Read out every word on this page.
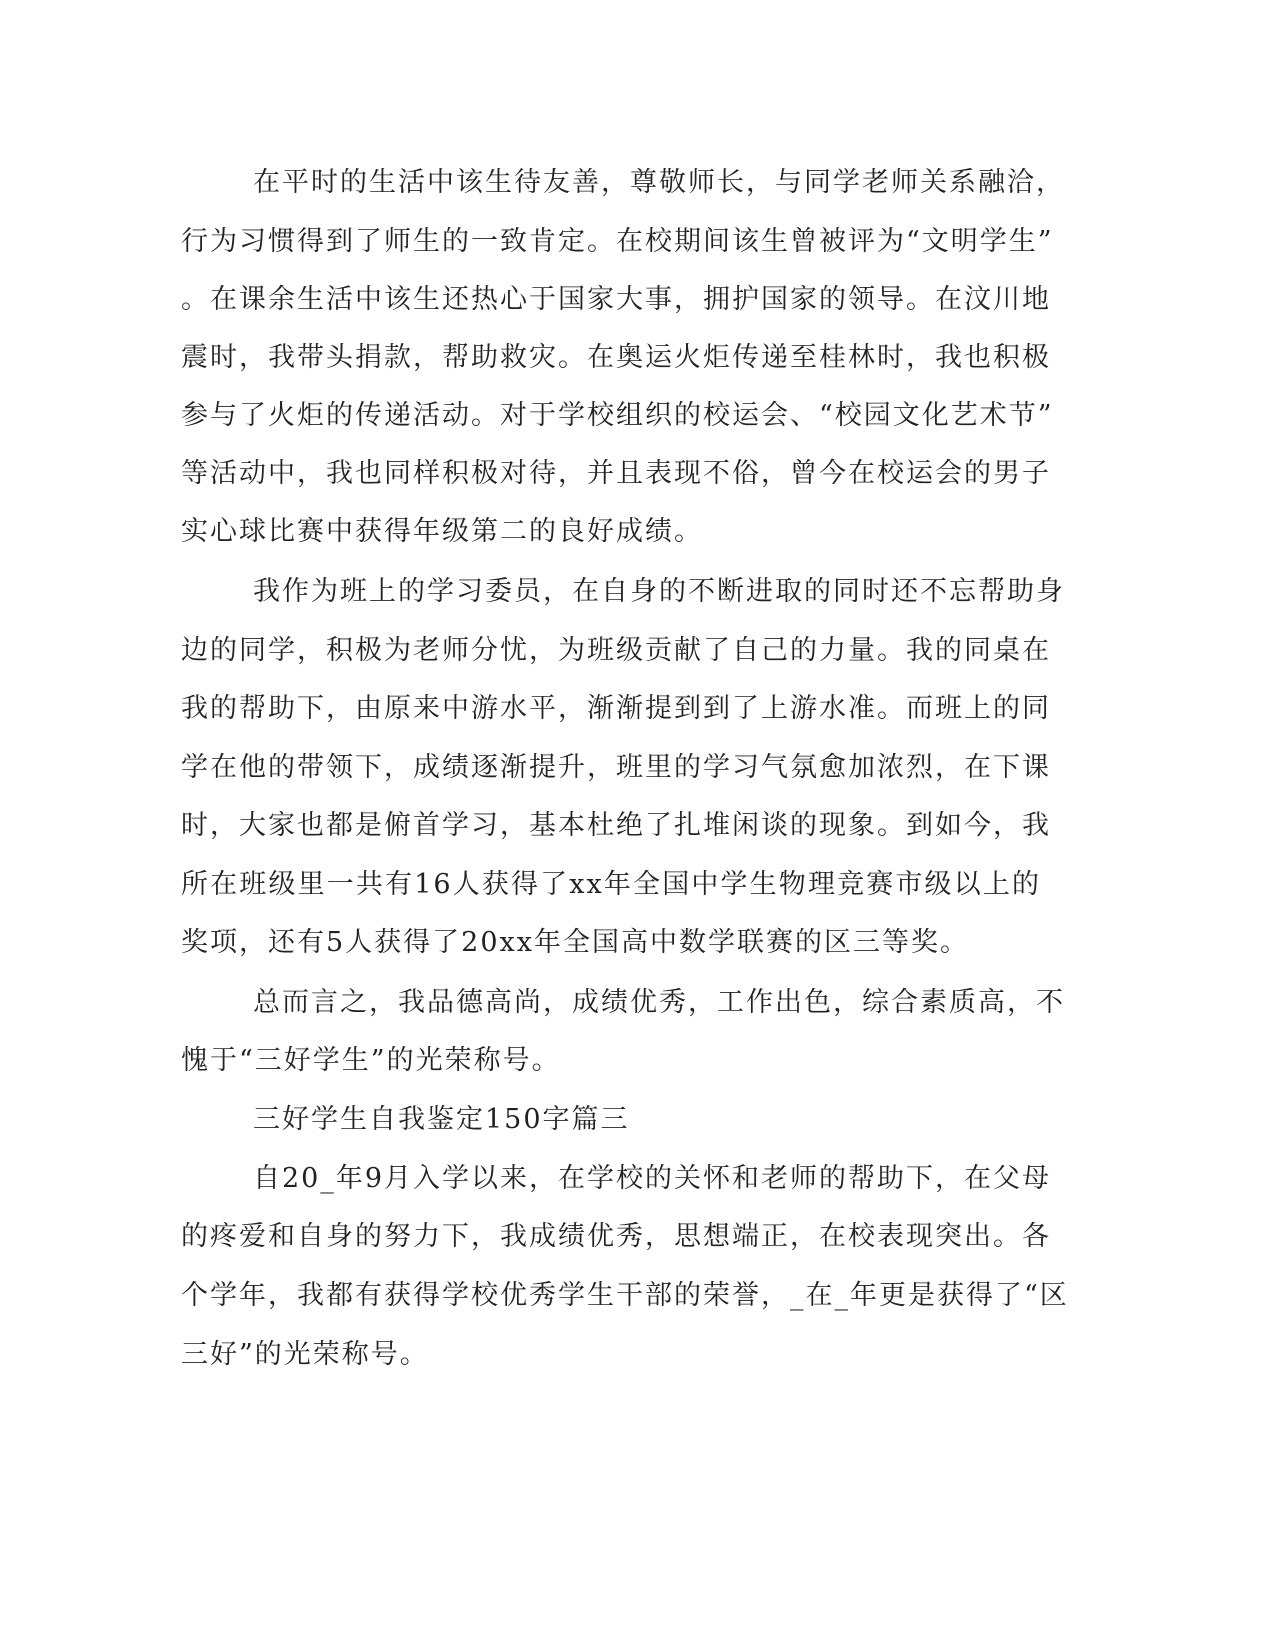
在平时的生活中该生待友善，尊敬师长，与同学老师关系融洽，
行为习惯得到了师生的一致肯定。在校期间该生曾被评为“文明学生”
。在课余生活中该生还热心于国家大事，拥护国家的领导。在汶川地
震时，我带头捐款，帮助救灾。在奥运火炬传递至桂林时，我也积极
参与了火炬的传递活动。对于学校组织的校运会、“校园文化艺术节”
等活动中，我也同样积极对待，并且表现不俗，曾今在校运会的男子
实心球比赛中获得年级第二的良好成绩。
我作为班上的学习委员，在自身的不断进取的同时还不忘帮助身
边的同学，积极为老师分忧，为班级贡献了自己的力量。我的同桌在
我的帮助下，由原来中游水平，渐渐提到到了上游水准。而班上的同
学在他的带领下，成绩逐渐提升，班里的学习气氛愈加浓烈，在下课
时，大家也都是俯首学习，基本杜绝了扎堆闲谈的现象。到如今，我
所在班级里一共有16人获得了xx年全国中学生物理竞赛市级以上的
奖项，还有5人获得了20xx年全国高中数学联赛的区三等奖。
总而言之，我品德高尚，成绩优秀，工作出色，综合素质高，不
愧于“三好学生”的光荣称号。
三好学生自我鉴定150字篇三
自20_年9月入学以来，在学校的关怀和老师的帮助下，在父母
的疼爱和自身的努力下，我成绩优秀，思想端正，在校表现突出。各
个学年，我都有获得学校优秀学生干部的荣誉，_在_年更是获得了“区
三好”的光荣称号。
